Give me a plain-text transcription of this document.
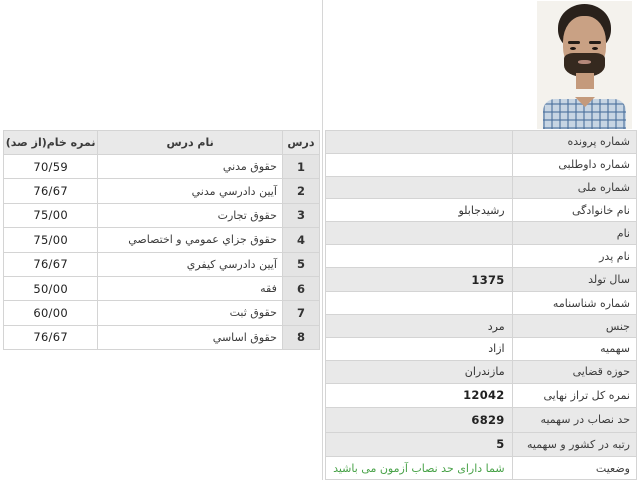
درس	نام درس	نمره خام(از صد)
1	حقوق مدني	70/59
2	آيين دادرسي مدني	76/67
3	حقوق تجارت	75/00
4	حقوق جزاي عمومي و اختصاصي	75/00
5	آيين دادرسي كيفري	76/67
6	فقه	50/00
7	حقوق ثبت	60/00
8	حقوق اساسي	76/67
شماره پرونده	
شماره داوطلبی	
شماره ملی	
نام خانوادگی	رشیدجابلو
نام	
نام پدر	
سال تولد	1375
شماره شناسنامه	
جنس	مرد
سهمیه	ازاد
حوزه قضایی	مازندران
نمره کل تراز نهایی	12042
حد نصاب در سهمیه	6829
رتبه در کشور و سهمیه	5
وضعیت	شما دارای حد نصاب آزمون می باشید
